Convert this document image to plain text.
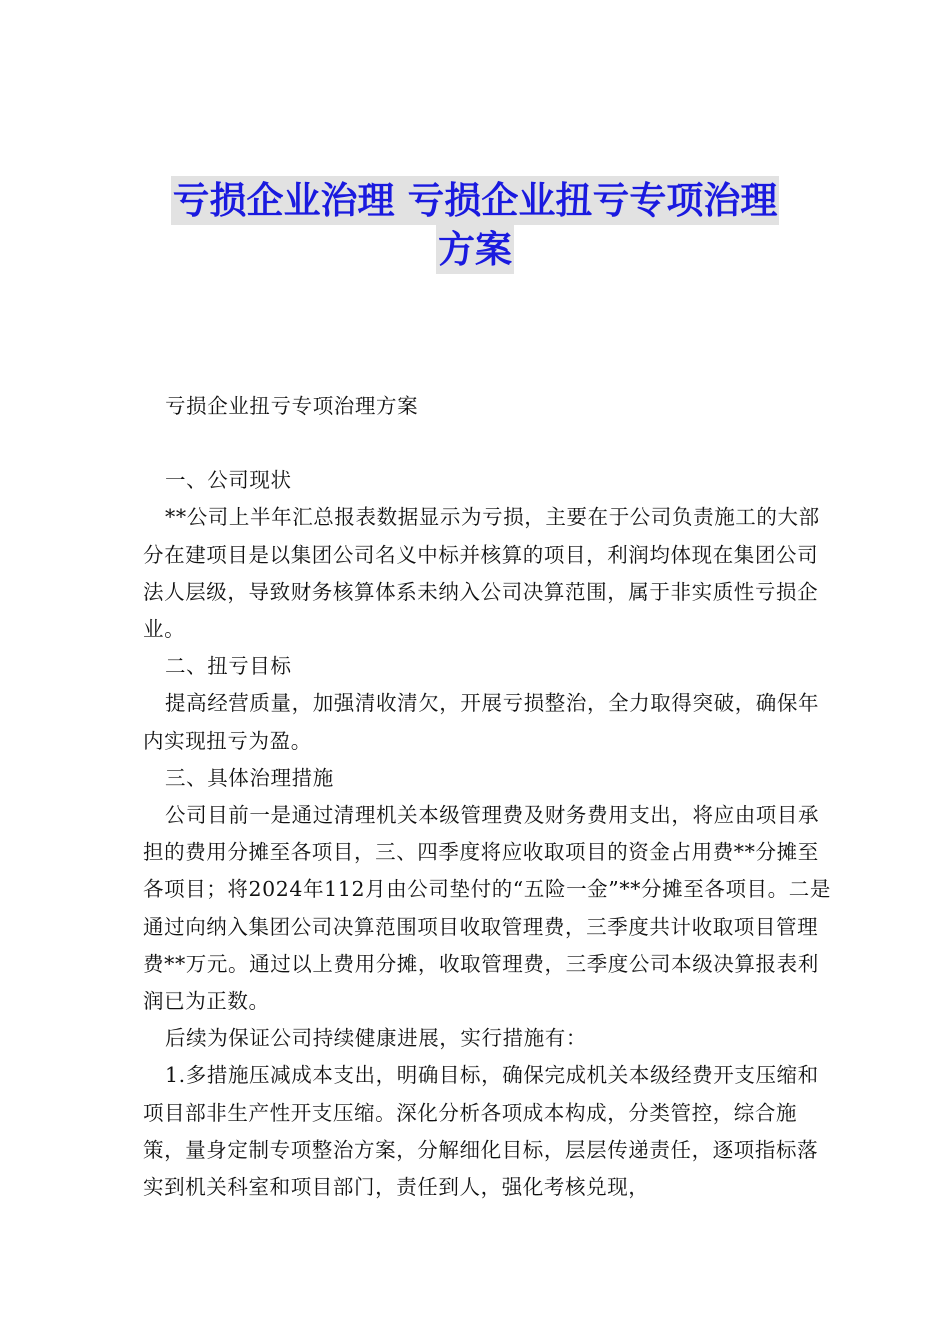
亏损企业治理 亏损企业扭亏专项治理
方案

亏损企业扭亏专项治理方案

一、公司现状

**公司上半年汇总报表数据显示为亏损，主要在于公司负责施工的大部分在建项目是以集团公司名义中标并核算的项目，利润均体现在集团公司法人层级，导致财务核算体系未纳入公司决算范围，属于非实质性亏损企业。

二、扭亏目标

提高经营质量，加强清收清欠，开展亏损整治，全力取得突破，确保年内实现扭亏为盈。

三、具体治理措施

公司目前一是通过清理机关本级管理费及财务费用支出，将应由项目承担的费用分摊至各项目，三、四季度将应收取项目的资金占用费**分摊至各项目；将2024年112月由公司垫付的“五险一金”**分摊至各项目。二是通过向纳入集团公司决算范围项目收取管理费，三季度共计收取项目管理费**万元。通过以上费用分摊，收取管理费，三季度公司本级决算报表利润已为正数。

后续为保证公司持续健康进展，实行措施有：

1.多措施压减成本支出，明确目标，确保完成机关本级经费开支压缩和项目部非生产性开支压缩。深化分析各项成本构成，分类管控，综合施策，量身定制专项整治方案，分解细化目标，层层传递责任，逐项指标落实到机关科室和项目部门，责任到人，强化考核兑现，
